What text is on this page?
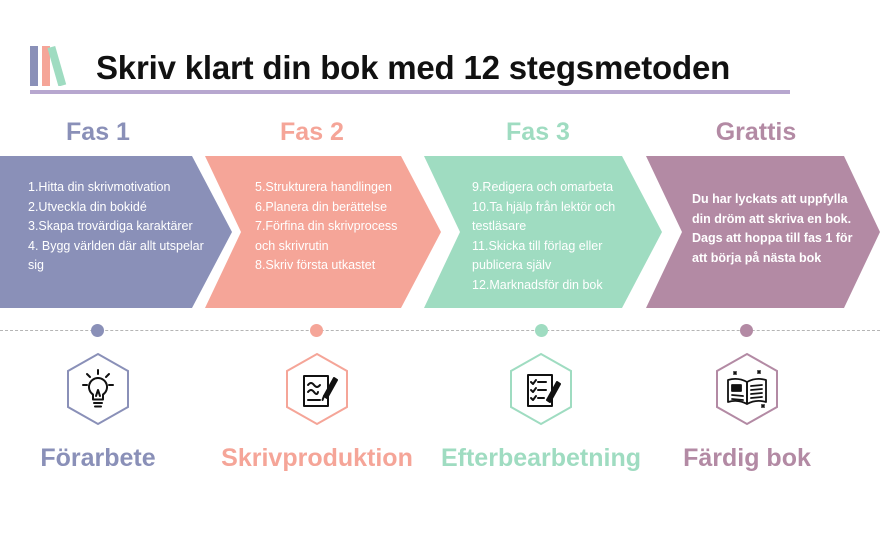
Skriv klart din bok med 12 stegsmetoden
Fas 1	Fas 2	Fas 3	Grattis
1.Hitta din skrivmotivation
2.Utveckla din bokidé
3.Skapa trovärdiga karaktärer
4. Bygg världen där allt utspelar sig
5.Strukturera handlingen
6.Planera din berättelse
7.Förfina din skrivprocess och skrivrutin
8.Skriv första utkastet
9.Redigera och omarbeta
10.Ta hjälp från lektör och testläsare
11.Skicka till förlag eller publicera själv
12.Marknadsför din bok
Du har lyckats att uppfylla din dröm att skriva en bok. Dags att hoppa till fas 1 för att börja på nästa bok
Förarbete	Skrivproduktion	Efterbearbetning	Färdig bok
